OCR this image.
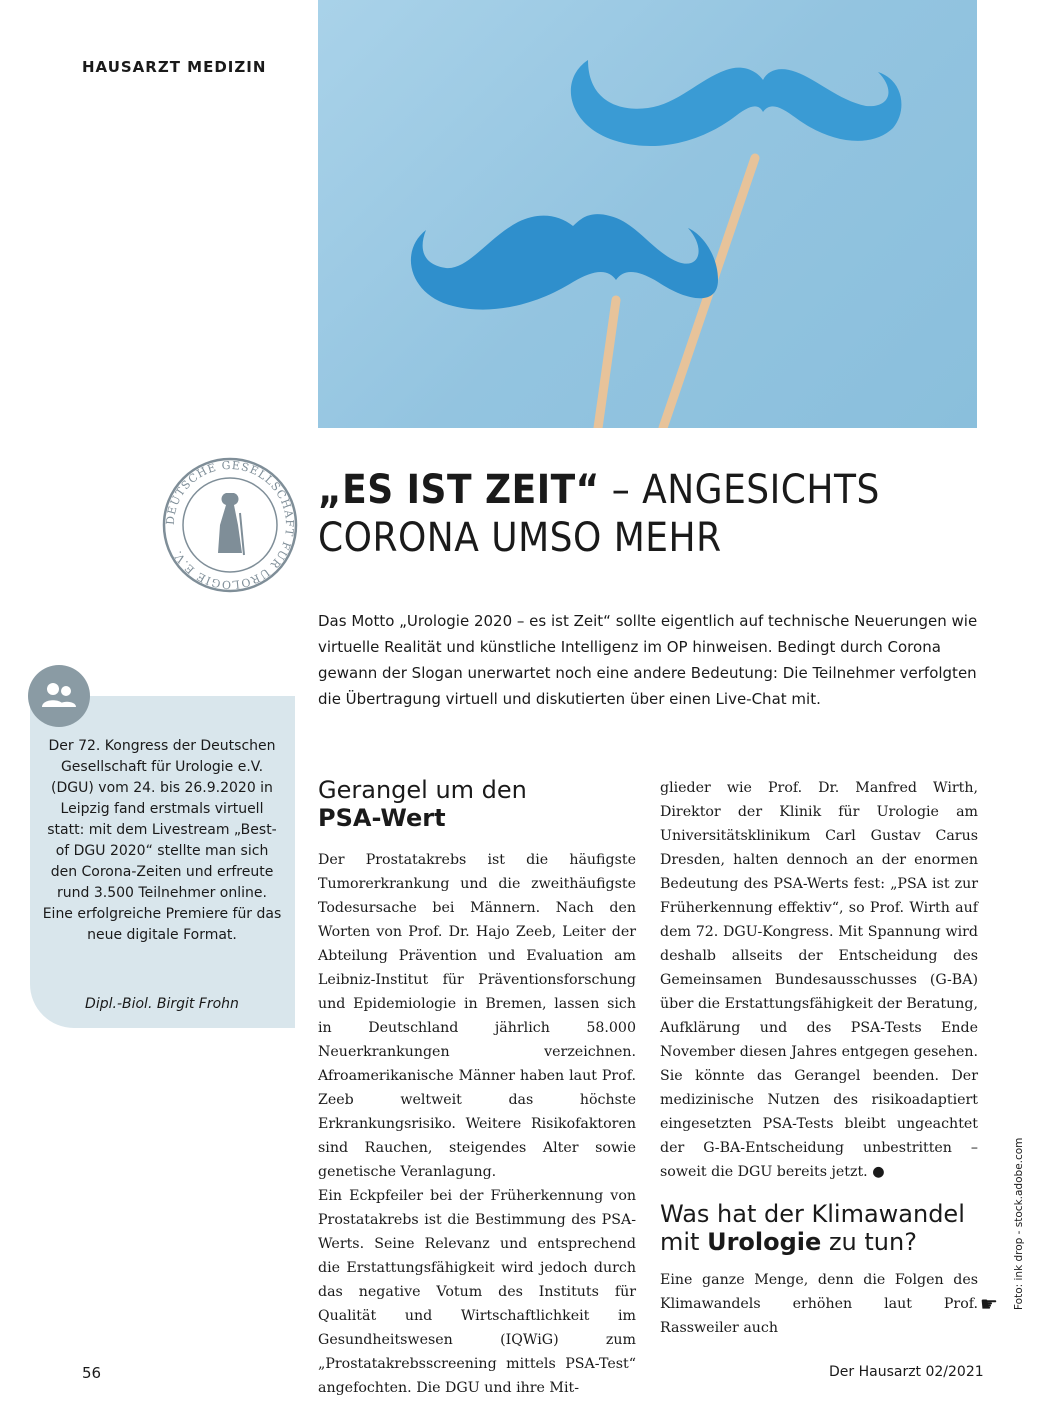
HAUSARZT MEDIZIN
DEUTSCHE GESELLSCHAFT FÜR UROLOGIE E.V.
„ES IST ZEIT“ – ANGESICHTS
CORONA UMSO MEHR

Das Motto „Urologie 2020 – es ist Zeit“ sollte eigentlich auf technische Neuerungen wie virtuelle Realität und künstliche Intelligenz im OP hinweisen. Bedingt durch Corona gewann der Slogan unerwartet noch eine andere Bedeutung: Die Teilnehmer verfolgten die Übertragung virtuell und diskutierten über einen Live-Chat mit.

Der 72. Kongress der Deutschen Gesellschaft für Urologie e.V. (DGU) vom 24. bis 26.9.2020 in Leipzig fand erstmals virtuell statt: mit dem Livestream „Best-of DGU 2020“ stellte man sich den Corona-Zeiten und erfreute rund 3.500 Teilnehmer online. Eine erfolgreiche Premiere für das neue digitale Format.

Dipl.-Biol. Birgit Frohn

Gerangel um den
PSA-Wert

Der Prostatakrebs ist die häufigste Tumorerkrankung und die zweithäufigste Todesursache bei Männern. Nach den Worten von Prof. Dr. Hajo Zeeb, Leiter der Abteilung Prävention und Evaluation am Leibniz-Institut für Präventionsforschung und Epidemiologie in Bremen, lassen sich in Deutschland jährlich 58.000 Neuerkrankungen verzeichnen. Afroamerikanische Männer haben laut Prof. Zeeb weltweit das höchste Erkrankungsrisiko. Weitere Risikofaktoren sind Rauchen, steigendes Alter sowie genetische Veranlagung.

Ein Eckpfeiler bei der Früherkennung von Prostatakrebs ist die Bestimmung des PSA-Werts. Seine Relevanz und entsprechend die Erstattungsfähigkeit wird jedoch durch das negative Votum des Instituts für Qualität und Wirtschaftlichkeit im Gesundheitswesen (IQWiG) zum „Prostatakrebsscreening mittels PSA-Test“ angefochten. Die DGU und ihre Mit-

glieder wie Prof. Dr. Manfred Wirth, Direktor der Klinik für Urologie am Universitätsklinikum Carl Gustav Carus Dresden, halten dennoch an der enormen Bedeutung des PSA-Werts fest: „PSA ist zur Früherkennung effektiv“, so Prof. Wirth auf dem 72. DGU-Kongress. Mit Spannung wird deshalb allseits der Entscheidung des Gemeinsamen Bundesausschusses (G-BA) über die Erstattungsfähigkeit der Beratung, Aufklärung und des PSA-Tests Ende November diesen Jahres entgegen gesehen. Sie könnte das Gerangel beenden. Der medizinische Nutzen des risikoadaptiert eingesetzten PSA-Tests bleibt ungeachtet der G-BA-Entscheidung unbestritten – soweit die DGU bereits jetzt. ●

Was hat der Klimawandel
mit Urologie zu tun?

Eine ganze Menge, denn die Folgen des Klimawandels erhöhen laut Prof. Rassweiler auch

☛ Foto: ink drop - stock.adobe.com
56	Der Hausarzt 02/2021
